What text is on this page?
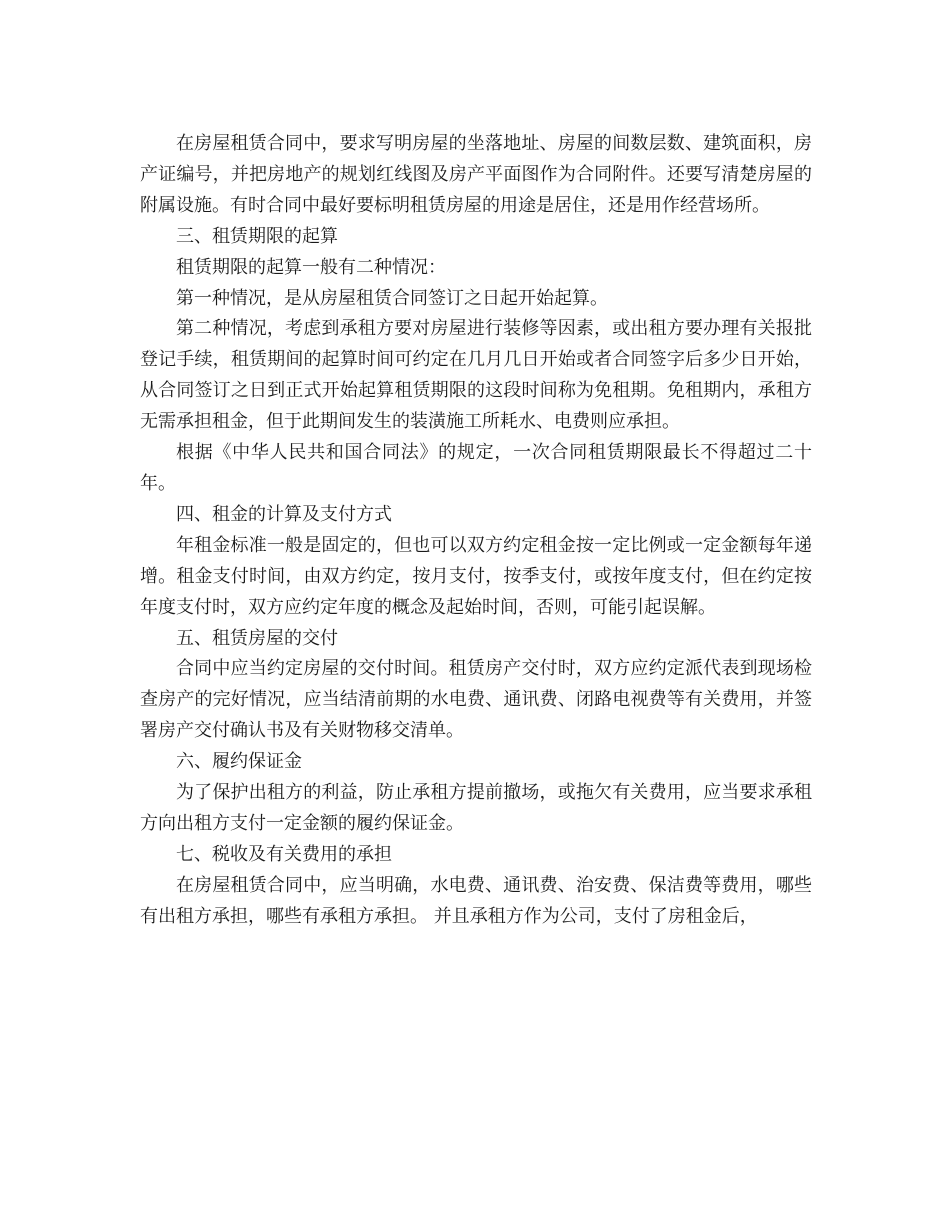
在房屋租赁合同中，要求写明房屋的坐落地址、房屋的间数层数、建筑面积，房产证编号，并把房地产的规划红线图及房产平面图作为合同附件。还要写清楚房屋的附属设施。有时合同中最好要标明租赁房屋的用途是居住，还是用作经营场所。

三、租赁期限的起算

租赁期限的起算一般有二种情况：

第一种情况，是从房屋租赁合同签订之日起开始起算。

第二种情况，考虑到承租方要对房屋进行装修等因素，或出租方要办理有关报批登记手续，租赁期间的起算时间可约定在几月几日开始或者合同签字后多少日开始，从合同签订之日到正式开始起算租赁期限的这段时间称为免租期。免租期内，承租方无需承担租金，但于此期间发生的装潢施工所耗水、电费则应承担。

根据《中华人民共和国合同法》的规定，一次合同租赁期限最长不得超过二十年。

四、租金的计算及支付方式

年租金标准一般是固定的，但也可以双方约定租金按一定比例或一定金额每年递增。租金支付时间，由双方约定，按月支付，按季支付，或按年度支付，但在约定按年度支付时，双方应约定年度的概念及起始时间，否则，可能引起误解。

五、租赁房屋的交付

合同中应当约定房屋的交付时间。租赁房产交付时，双方应约定派代表到现场检查房产的完好情况，应当结清前期的水电费、通讯费、闭路电视费等有关费用，并签署房产交付确认书及有关财物移交清单。

六、履约保证金

为了保护出租方的利益，防止承租方提前撤场，或拖欠有关费用，应当要求承租方向出租方支付一定金额的履约保证金。

七、税收及有关费用的承担

在房屋租赁合同中，应当明确，水电费、通讯费、治安费、保洁费等费用，哪些有出租方承担，哪些有承租方承担。 并且承租方作为公司，支付了房租金后，
